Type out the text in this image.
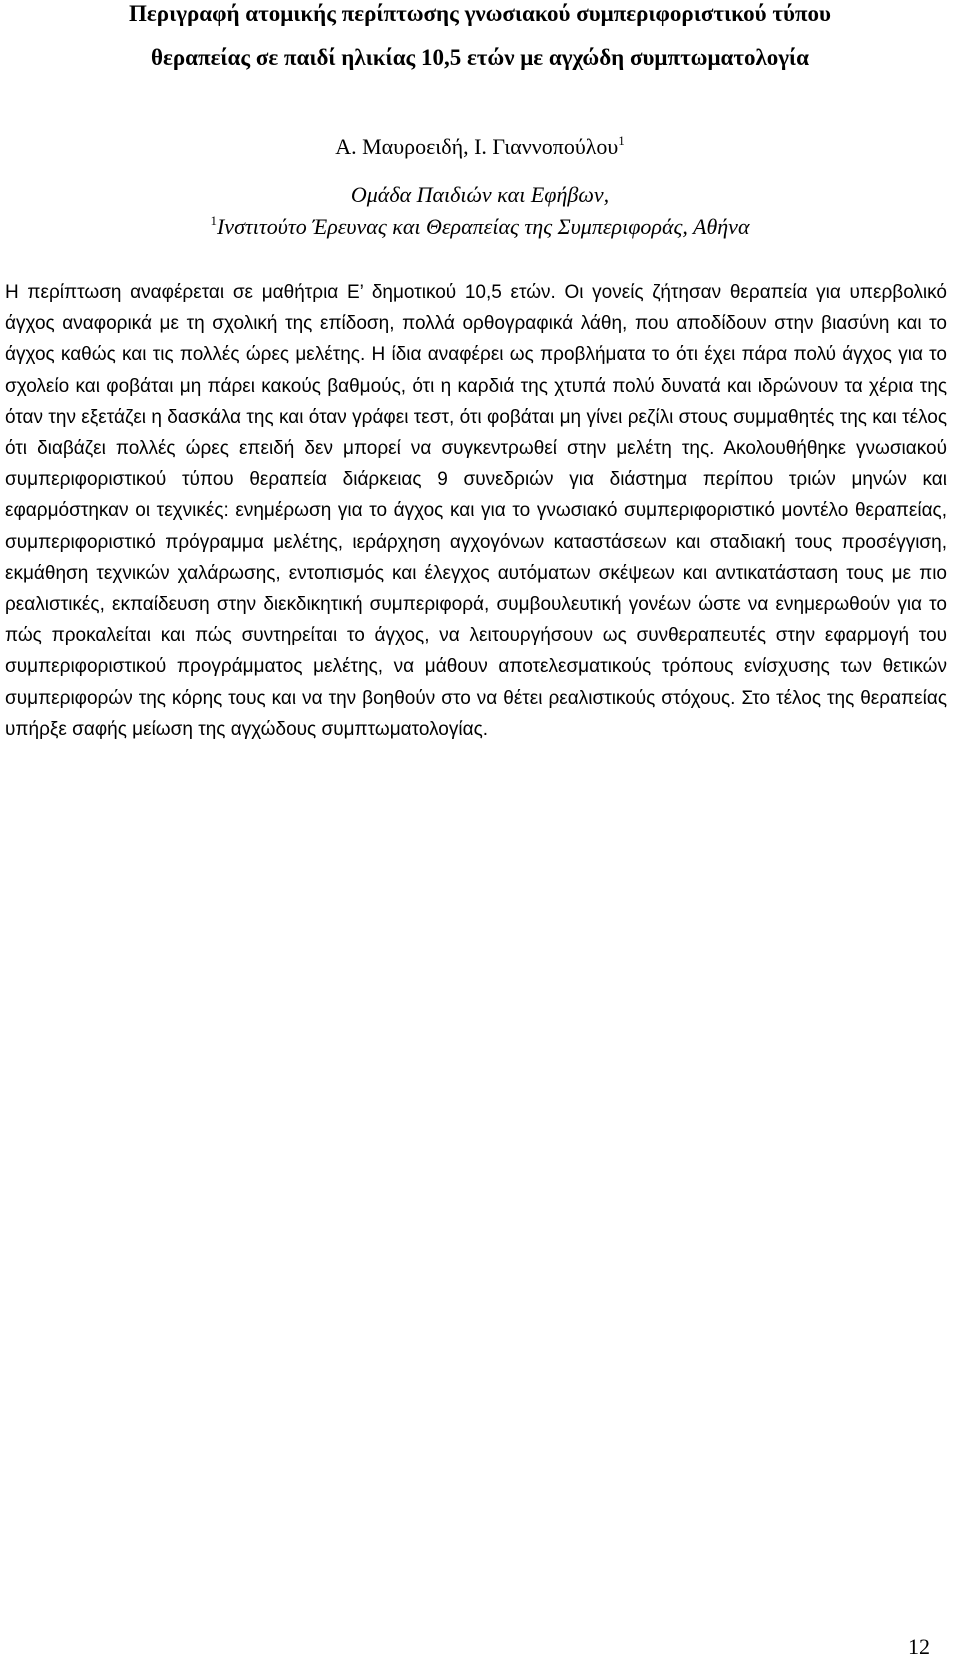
Περιγραφή ατομικής περίπτωσης γνωσιακού συμπεριφοριστικού τύπου
θεραπείας σε παιδί ηλικίας 10,5 ετών με αγχώδη συμπτωματολογία
Α. Μαυροειδή, Ι. Γιαννοπούλου$^1$
Ομάδα Παιδιών και Εφήβων,
$^1$Ινστιτούτο Έρευνας και Θεραπείας της Συμπεριφοράς, Αθήνα

Η περίπτωση αναφέρεται σε μαθήτρια Ε’ δημοτικού 10,5 ετών. Οι γονείς ζήτησαν θεραπεία για υπερβολικό άγχος αναφορικά με τη σχολική της επίδοση, πολλά ορθογραφικά λάθη, που αποδίδουν στην βιασύνη και το άγχος καθώς και τις πολλές ώρες μελέτης. Η ίδια αναφέρει ως προβλήματα το ότι έχει πάρα πολύ άγχος για το σχολείο και φοβάται μη πάρει κακούς βαθμούς, ότι η καρδιά της χτυπά πολύ δυνατά και ιδρώνουν τα χέρια της όταν την εξετάζει η δασκάλα της και όταν γράφει τεστ, ότι φοβάται μη γίνει ρεζίλι στους συμμαθητές της και τέλος ότι διαβάζει πολλές ώρες επειδή δεν μπορεί να συγκεντρωθεί στην μελέτη της. Ακολουθήθηκε γνωσιακού συμπεριφοριστικού τύπου θεραπεία διάρκειας 9 συνεδριών για διάστημα περίπου τριών μηνών και εφαρμόστηκαν οι τεχνικές: ενημέρωση για το άγχος και για το γνωσιακό συμπεριφοριστικό μοντέλο θεραπείας, συμπεριφοριστικό πρόγραμμα μελέτης, ιεράρχηση αγχογόνων καταστάσεων και σταδιακή τους προσέγγιση, εκμάθηση τεχνικών χαλάρωσης, εντοπισμός και έλεγχος αυτόματων σκέψεων και αντικατάσταση τους με πιο ρεαλιστικές, εκπαίδευση στην διεκδικητική συμπεριφορά, συμβουλευτική γονέων ώστε να ενημερωθούν για το πώς προκαλείται και πώς συντηρείται το άγχος, να λειτουργήσουν ως συνθεραπευτές στην εφαρμογή του συμπεριφοριστικού προγράμματος μελέτης, να μάθουν αποτελεσματικούς τρόπους ενίσχυσης των θετικών συμπεριφορών της κόρης τους και να την βοηθούν στο να θέτει ρεαλιστικούς στόχους. Στο τέλος της θεραπείας υπήρξε σαφής μείωση της αγχώδους συμπτωματολογίας.

12
